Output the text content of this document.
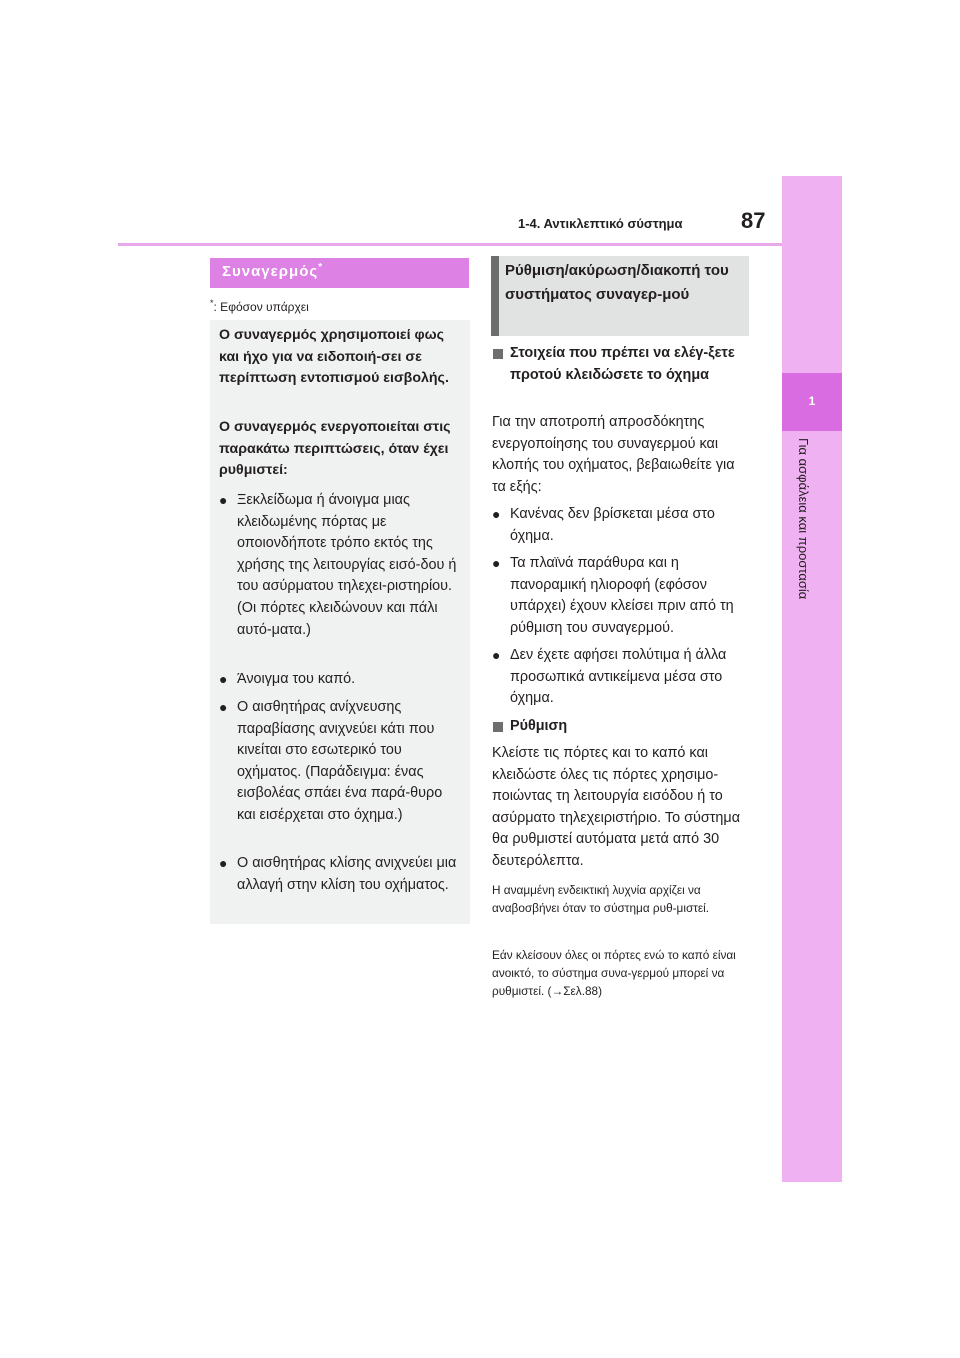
1-4. Αντικλεπτικό σύστημα	87
1
Για ασφάλεια και προστασία
Συναγερμός*
*: Εφόσον υπάρχει
Ο συναγερμός χρησιμοποιεί φως και ήχο για να ειδοποιή-σει σε περίπτωση εντοπισμού εισβολής.
Ο συναγερμός ενεργοποιείται στις παρακάτω περιπτώσεις, όταν έχει ρυθμιστεί:
● Ξεκλείδωμα ή άνοιγμα μιας κλειδωμένης πόρτας με οποιονδήποτε τρόπο εκτός της χρήσης της λειτουργίας εισό-δου ή του ασύρματου τηλεχει-ριστηρίου. (Οι πόρτες κλειδώνουν και πάλι αυτό-ματα.)
● Άνοιγμα του καπό.
● Ο αισθητήρας ανίχνευσης παραβίασης ανιχνεύει κάτι που κινείται στο εσωτερικό του οχήματος. (Παράδειγμα: ένας εισβολέας σπάει ένα παρά-θυρο και εισέρχεται στο όχημα.)
● Ο αισθητήρας κλίσης ανιχνεύει μια αλλαγή στην κλίση του οχήματος.
Ρύθμιση/ακύρωση/διακοπή του συστήματος συναγερ-μού
Στοιχεία που πρέπει να ελέγ-ξετε προτού κλειδώσετε το όχημα
Για την αποτροπή απροσδόκητης ενεργοποίησης του συναγερμού και κλοπής του οχήματος, βεβαιωθείτε για τα εξής:
● Κανένας δεν βρίσκεται μέσα στο όχημα.
● Τα πλαϊνά παράθυρα και η πανοραμική ηλιοροφή (εφόσον υπάρχει) έχουν κλείσει πριν από τη ρύθμιση του συναγερμού.
● Δεν έχετε αφήσει πολύτιμα ή άλλα προσωπικά αντικείμενα μέσα στο όχημα.
Ρύθμιση
Κλείστε τις πόρτες και το καπό και κλειδώστε όλες τις πόρτες χρησιμο-ποιώντας τη λειτουργία εισόδου ή το ασύρματο τηλεχειριστήριο. Το σύστημα θα ρυθμιστεί αυτόματα μετά από 30 δευτερόλεπτα.
Η αναμμένη ενδεικτική λυχνία αρχίζει να αναβοσβήνει όταν το σύστημα ρυθ-μιστεί.
Εάν κλείσουν όλες οι πόρτες ενώ το καπό είναι ανοικτό, το σύστημα συνα-γερμού μπορεί να ρυθμιστεί. (→Σελ.88)
